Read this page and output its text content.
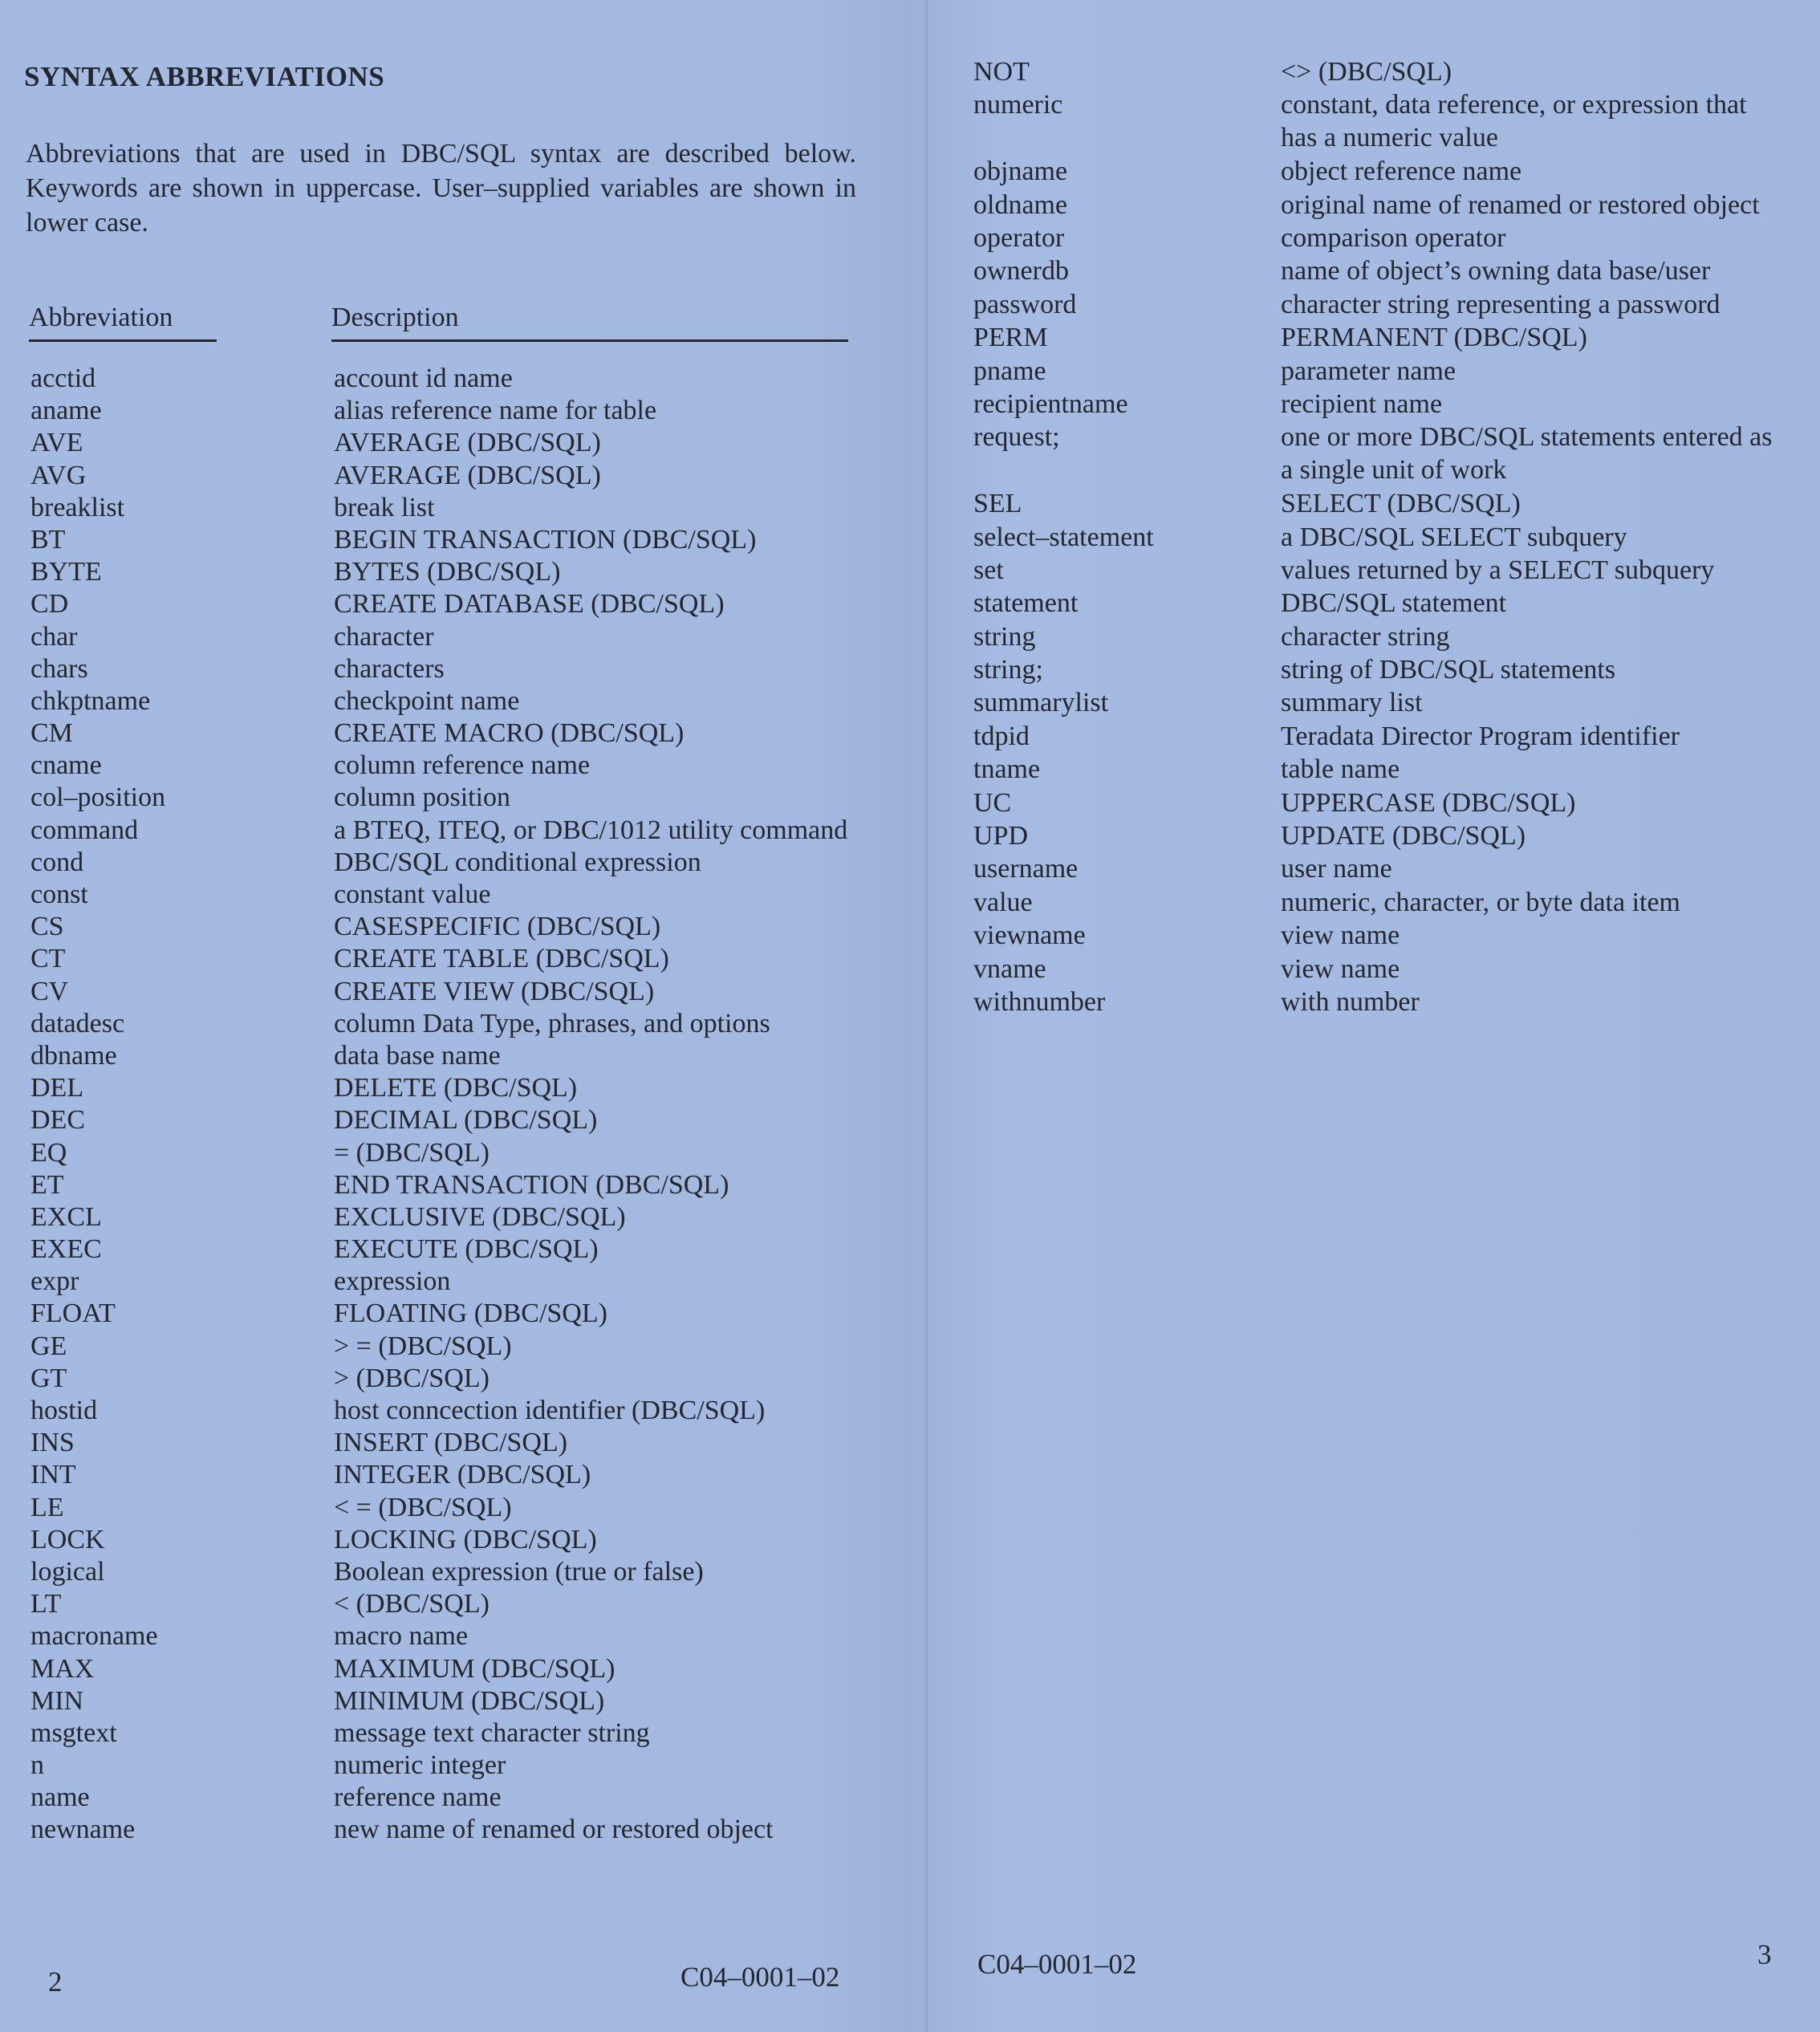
SYNTAX ABBREVIATIONS
Abbreviations that are used in DBC/SQL syntax are described below. Keywords are shown in uppercase. User–supplied variables are shown in lower case.
Abbreviation	Description
acctid	account id name
aname	alias reference name for table
AVE	AVERAGE (DBC/SQL)
AVG	AVERAGE (DBC/SQL)
breaklist	break list
BT	BEGIN TRANSACTION (DBC/SQL)
BYTE	BYTES (DBC/SQL)
CD	CREATE DATABASE (DBC/SQL)
char	character
chars	characters
chkptname	checkpoint name
CM	CREATE MACRO (DBC/SQL)
cname	column reference name
col–position	column position
command	a BTEQ, ITEQ, or DBC/1012 utility command
cond	DBC/SQL conditional expression
const	constant value
CS	CASESPECIFIC (DBC/SQL)
CT	CREATE TABLE (DBC/SQL)
CV	CREATE VIEW (DBC/SQL)
datadesc	column Data Type, phrases, and options
dbname	data base name
DEL	DELETE (DBC/SQL)
DEC	DECIMAL (DBC/SQL)
EQ	= (DBC/SQL)
ET	END TRANSACTION (DBC/SQL)
EXCL	EXCLUSIVE (DBC/SQL)
EXEC	EXECUTE (DBC/SQL)
expr	expression
FLOAT	FLOATING (DBC/SQL)
GE	> = (DBC/SQL)
GT	> (DBC/SQL)
hostid	host conncection identifier (DBC/SQL)
INS	INSERT (DBC/SQL)
INT	INTEGER (DBC/SQL)
LE	< = (DBC/SQL)
LOCK	LOCKING (DBC/SQL)
logical	Boolean expression (true or false)
LT	< (DBC/SQL)
macroname	macro name
MAX	MAXIMUM (DBC/SQL)
MIN	MINIMUM (DBC/SQL)
msgtext	message text character string
n	numeric integer
name	reference name
newname	new name of renamed or restored object
2	C04–0001–02
NOT	<> (DBC/SQL)
numeric	constant, data reference, or expression that
has a numeric value
objname	object reference name
oldname	original name of renamed or restored object
operator	comparison operator
ownerdb	name of object’s owning data base/user
password	character string representing a password
PERM	PERMANENT (DBC/SQL)
pname	parameter name
recipientname	recipient name
request;	one or more DBC/SQL statements entered as
a single unit of work
SEL	SELECT (DBC/SQL)
select–statement	a DBC/SQL SELECT subquery
set	values returned by a SELECT subquery
statement	DBC/SQL statement
string	character string
string;	string of DBC/SQL statements
summarylist	summary list
tdpid	Teradata Director Program identifier
tname	table name
UC	UPPERCASE (DBC/SQL)
UPD	UPDATE (DBC/SQL)
username	user name
value	numeric, character, or byte data item
viewname	view name
vname	view name
withnumber	with number
C04–0001–02	3
